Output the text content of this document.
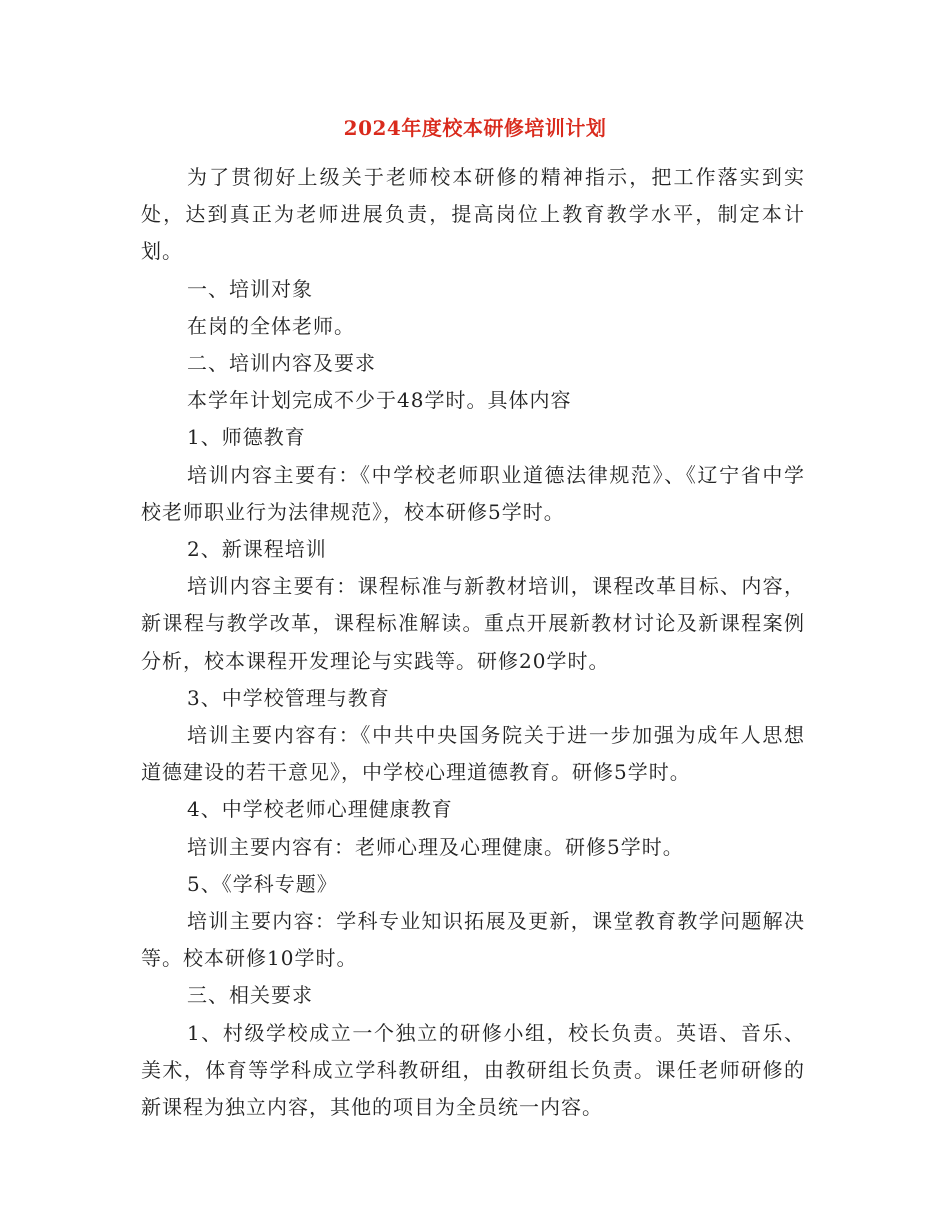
2024年度校本研修培训计划

为了贯彻好上级关于老师校本研修的精神指示，把工作落实到实处，达到真正为老师进展负责，提高岗位上教育教学水平，制定本计划。

一、培训对象

在岗的全体老师。

二、培训内容及要求

本学年计划完成不少于48学时。具体内容

1、师德教育

培训内容主要有：《中学校老师职业道德法律规范》、《辽宁省中学校老师职业行为法律规范》，校本研修5学时。

2、新课程培训

培训内容主要有：课程标准与新教材培训，课程改革目标、内容，新课程与教学改革，课程标准解读。重点开展新教材讨论及新课程案例分析，校本课程开发理论与实践等。研修20学时。

3、中学校管理与教育

培训主要内容有：《中共中央国务院关于进一步加强为成年人思想道德建设的若干意见》，中学校心理道德教育。研修5学时。

4、中学校老师心理健康教育

培训主要内容有：老师心理及心理健康。研修5学时。

5、《学科专题》

培训主要内容：学科专业知识拓展及更新，课堂教育教学问题解决等。校本研修10学时。

三、相关要求

1、村级学校成立一个独立的研修小组，校长负责。英语、音乐、美术，体育等学科成立学科教研组，由教研组长负责。课任老师研修的新课程为独立内容，其他的项目为全员统一内容。
